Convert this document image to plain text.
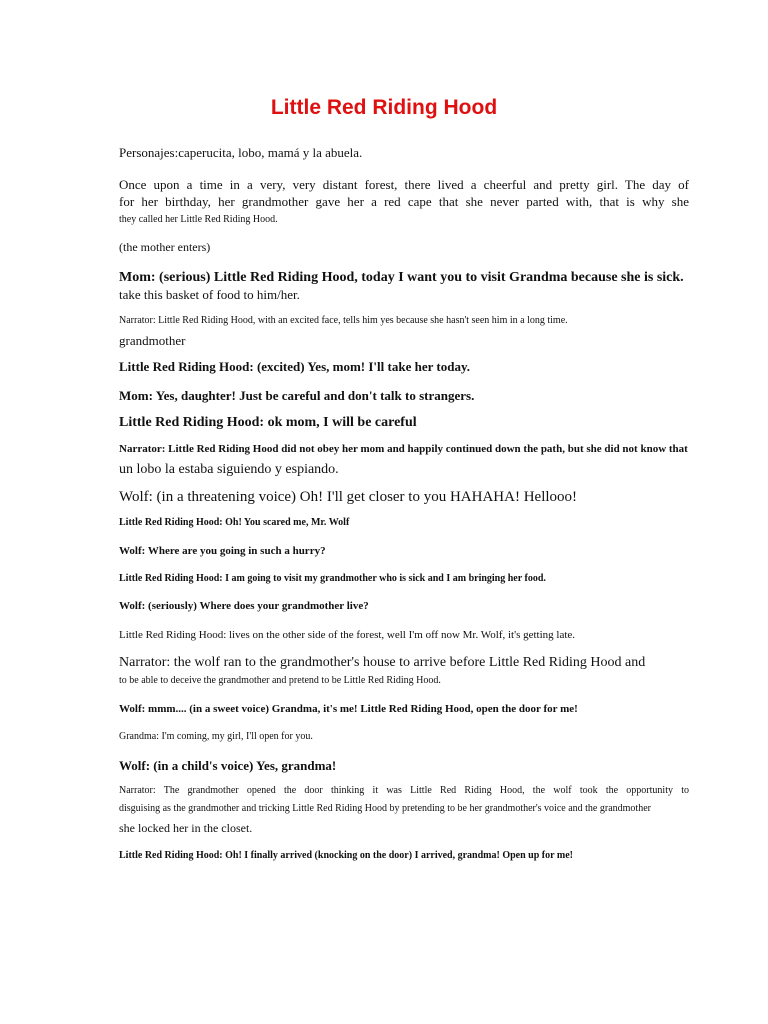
Little Red Riding Hood

Personajes:caperucita, lobo, mamá y la abuela.

Once upon a time in a very, very distant forest, there lived a cheerful and pretty girl. The day of

for her birthday, her grandmother gave her a red cape that she never parted with, that is why she

they called her Little Red Riding Hood.

(the mother enters)

Mom: (serious) Little Red Riding Hood, today I want you to visit Grandma because she is sick.

take this basket of food to him/her.

Narrator: Little Red Riding Hood, with an excited face, tells him yes because she hasn't seen him in a long time.

grandmother

Little Red Riding Hood: (excited) Yes, mom! I'll take her today.

Mom: Yes, daughter! Just be careful and don't talk to strangers.

Little Red Riding Hood: ok mom, I will be careful

Narrator: Little Red Riding Hood did not obey her mom and happily continued down the path, but she did not know that

un lobo la estaba siguiendo y espiando.

Wolf: (in a threatening voice) Oh! I'll get closer to you HAHAHA! Hellooo!

Little Red Riding Hood: Oh! You scared me, Mr. Wolf

Wolf: Where are you going in such a hurry?

Little Red Riding Hood: I am going to visit my grandmother who is sick and I am bringing her food.

Wolf: (seriously) Where does your grandmother live?

Little Red Riding Hood: lives on the other side of the forest, well I'm off now Mr. Wolf, it's getting late.

Narrator: the wolf ran to the grandmother's house to arrive before Little Red Riding Hood and

to be able to deceive the grandmother and pretend to be Little Red Riding Hood.

Wolf: mmm.... (in a sweet voice) Grandma, it's me! Little Red Riding Hood, open the door for me!

Grandma: I'm coming, my girl, I'll open for you.

Wolf: (in a child's voice) Yes, grandma!

Narrator: The grandmother opened the door thinking it was Little Red Riding Hood, the wolf took the opportunity to

disguising as the grandmother and tricking Little Red Riding Hood by pretending to be her grandmother's voice and the grandmother

she locked her in the closet.

Little Red Riding Hood: Oh! I finally arrived (knocking on the door) I arrived, grandma! Open up for me!
